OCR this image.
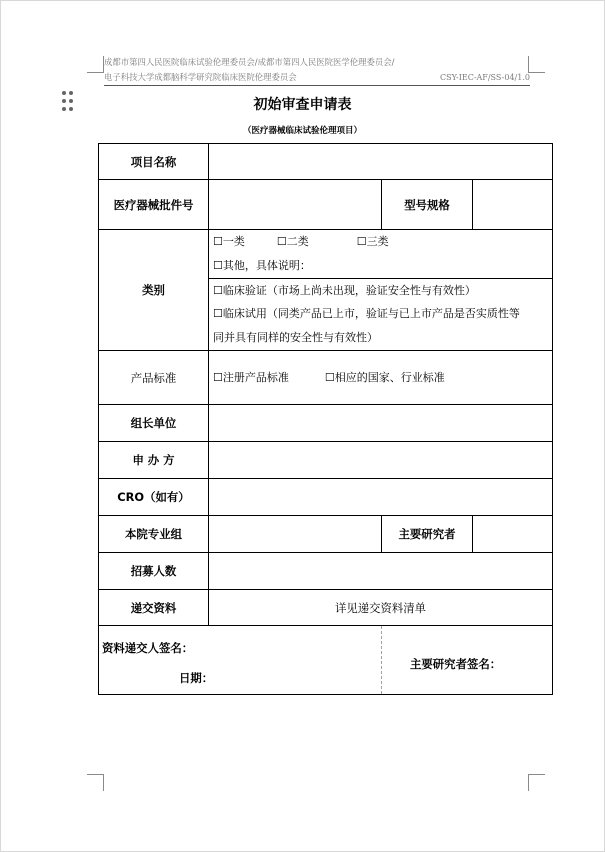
成都市第四人民医院临床试验伦理委员会/成都市第四人民医院医学伦理委员会/
电子科技大学成都脑科学研究院临床医院伦理委员会	CSY-IEC-AF/SS-04/1.0
初始审查申请表
（医疗器械临床试验伦理项目）
项目名称			
医疗器械批件号		型号规格	
类别	☐一类 ☐二类 ☐三类
☐其他，具体说明：
☐临床验证（市场上尚未出现，验证安全性与有效性）
☐临床试用（同类产品已上市，验证与已上市产品是否实质性等
同并具有同样的安全性与有效性）		

产品标准	☐注册产品标准 ☐相应的国家、行业标准		

组长单位			
申 办 方			
CRO（如有）			
本院专业组		主要研究者	
招募人数			
递交资料	详见递交资料清单		

资料递交人签名：
日期：		主要研究者签名：	
